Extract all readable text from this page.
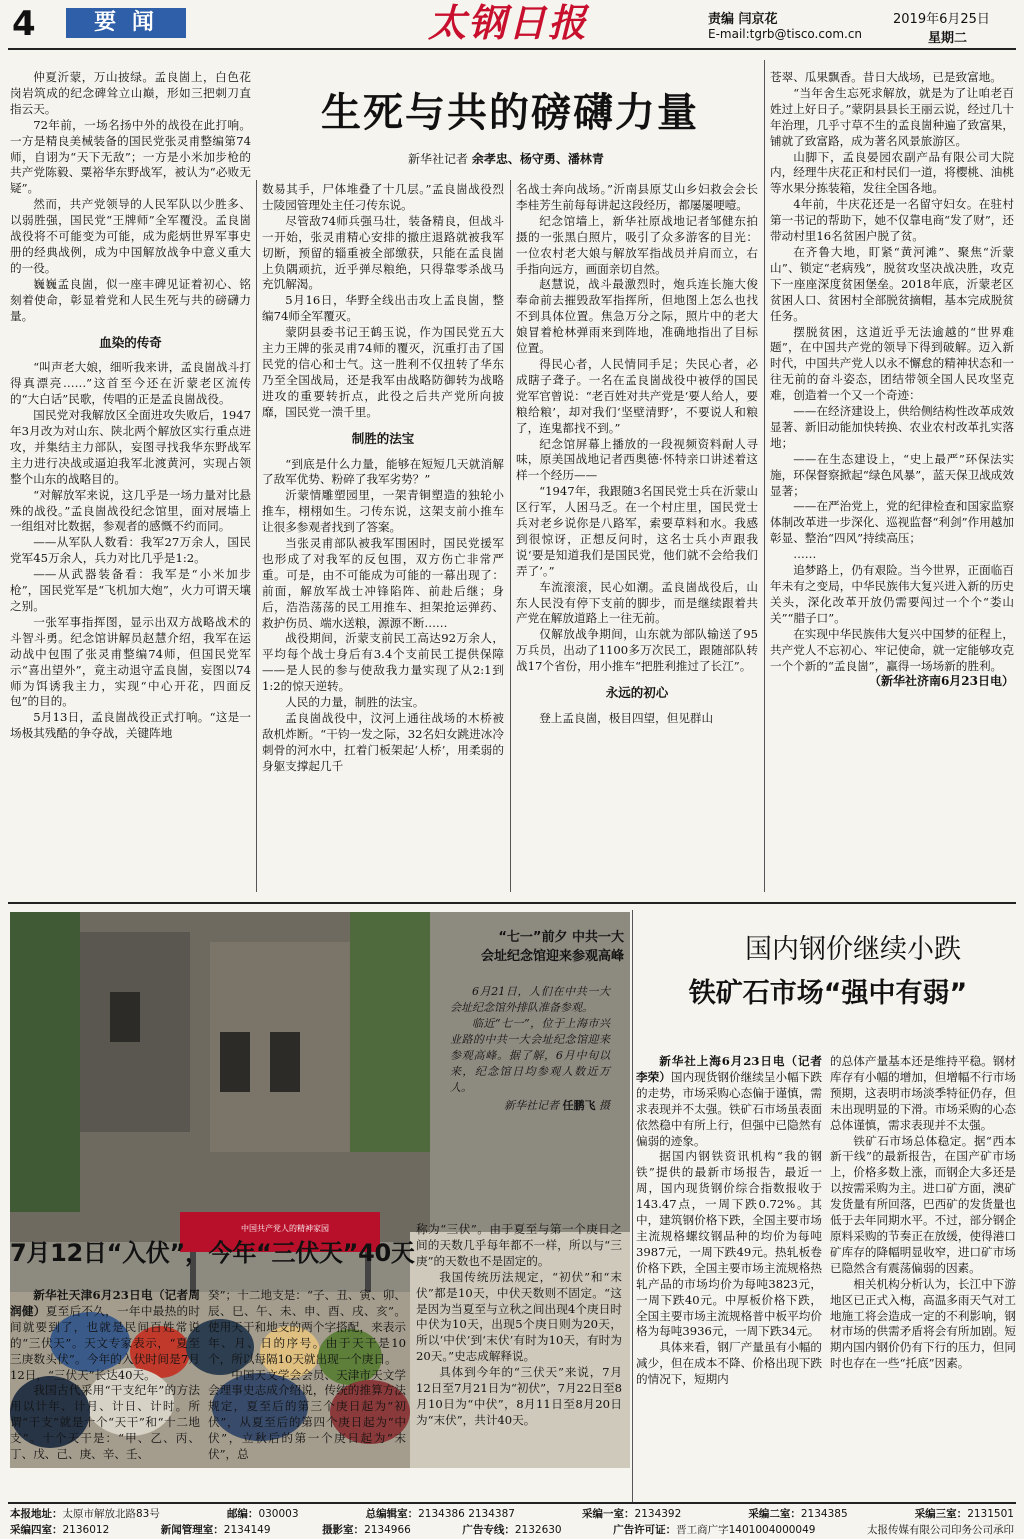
4	要 闻	太钢日报	责编 闫京花
E-mail:tgrb@tisco.com.cn
2019年6月25日
星期二
生死与共的磅礴力量
新华社记者 余孝忠、杨守勇、潘林青

仲夏沂蒙，万山披绿。孟良崮上，白色花岗岩筑成的纪念碑耸立山巅，形如三把刺刀直指云天。

72年前，一场名扬中外的战役在此打响。一方是精良美械装备的国民党张灵甫整编第74师，自诩为“天下无敌”；一方是小米加步枪的共产党陈毅、粟裕华东野战军，被认为“必败无疑”。

然而，共产党领导的人民军队以少胜多、以弱胜强，国民党“王牌师”全军覆没。孟良崮战役将不可能变为可能，成为彪炳世界军事史册的经典战例，成为中国解放战争中意义重大的一役。

巍巍孟良崮，似一座丰碑见证着初心、铭刻着使命，彰显着党和人民生死与共的磅礴力量。

血染的传奇

“叫声老大娘，细听我来讲，孟良崮战斗打得真漂亮……”这首至今还在沂蒙老区流传的“大白话”民歌，传唱的正是孟良崮战役。

国民党对我解放区全面进攻失败后，1947年3月改为对山东、陕北两个解放区实行重点进攻，并集结主力部队，妄图寻找我华东野战军主力进行决战或逼迫我军北渡黄河，实现占领整个山东的战略目的。

“对解放军来说，这几乎是一场力量对比悬殊的战役。”孟良崮战役纪念馆里，面对展墙上一组组对比数据，参观者的感慨不约而同。

——从军队人数看：我军27万余人，国民党军45万余人，兵力对比几乎是1:2。

——从武器装备看：我军是“小米加步枪”，国民党军是“飞机加大炮”，火力可谓天壤之别。

一张军事指挥图，显示出双方战略战术的斗智斗勇。纪念馆讲解员赵慧介绍，我军在运动战中包围了张灵甫整编74师，但国民党军示“喜出望外”，竟主动退守孟良崮，妄图以74师为饵诱我主力，实现“中心开花，四面反包”的目的。

5月13日，孟良崮战役正式打响。“这是一场极其残酷的争夺战，关键阵地

数易其手，尸体堆叠了十几层。”孟良崮战役烈士陵园管理处主任刁传东说。

尽管敌74师兵强马壮，装备精良，但战斗一开始，张灵甫精心安排的撤庄退路就被我军切断，预留的辎重被全部缴获，只能在孟良崮上负隅顽抗，近乎弹尽粮绝，只得靠零杀战马充饥解渴。

5月16日，华野全线出击攻上孟良崮，整编74师全军覆灭。

蒙阴县委书记王鹤玉说，作为国民党五大主力王牌的张灵甫74师的覆灭，沉重打击了国民党的信心和士气。这一胜利不仅扭转了华东乃至全国战局，还是我军由战略防御转为战略进攻的重要转折点，此役之后共产党所向披靡，国民党一溃千里。

制胜的法宝

“到底是什么力量，能够在短短几天就消解了敌军优势、粉碎了我军劣势？”

沂蒙情雕塑园里，一架青铜塑造的独轮小推车，栩栩如生。刁传东说，这架支前小推车让很多参观者找到了答案。

当张灵甫部队被我军围困时，国民党援军也形成了对我军的反包围，双方伤亡非常严重。可是，由不可能成为可能的一幕出现了：前面，解放军战士冲锋陷阵、前赴后继；身后，浩浩荡荡的民工用推车、担架抢运弹药、救护伤员、端水送粮，源源不断……

战役期间，沂蒙支前民工高达92万余人，平均每个战士身后有3.4个支前民工提供保障——是人民的参与使敌我力量实现了从2:1到1:2的惊天逆转。

人民的力量，制胜的法宝。

孟良崮战役中，汶河上通往战场的木桥被敌机炸断。“干钧一发之际，32名妇女跳进冰冷刺骨的河水中，扛着门板架起‘人桥’，用柔弱的身躯支撑起几千

名战士奔向战场。”沂南县原艾山乡妇救会会长李桂芳生前每每讲起这段经历，都屡屡哽噎。

纪念馆墙上，新华社原战地记者邹健东拍摄的一张黑白照片，吸引了众多游客的目光：一位农村老大娘与解放军指战员并肩而立，右手指向远方，画面亲切自然。

赵慧说，战斗最激烈时，炮兵连长施大俊奉命前去摧毁敌军指挥所，但地图上怎么也找不到具体位置。焦急万分之际，照片中的老大娘冒着枪林弹雨来到阵地，准确地指出了目标位置。

得民心者，人民情同手足；失民心者，必成瞎子聋子。一名在孟良崮战役中被俘的国民党军官曾说：“老百姓对共产党是‘要人给人，要粮给粮’，却对我们‘坚壁清野’，不要说人和粮了，连鬼都找不到。”

纪念馆屏幕上播放的一段视频资料耐人寻味，原美国战地记者西奥德·怀特亲口讲述着这样一个经历——

“1947年，我跟随3名国民党士兵在沂蒙山区行军，人困马乏。在一个村庄里，国民党士兵对老乡说你是八路军，索要草料和水。我感到很惊讶，正想反问时，这名士兵小声跟我说‘要是知道我们是国民党，他们就不会给我们弄了’。”

车流滚滚，民心如潮。孟良崮战役后，山东人民没有停下支前的脚步，而是继续跟着共产党在解放道路上一往无前。

仅解放战争期间，山东就为部队输送了95万兵员，出动了1100多万次民工，跟随部队转战17个省份，用小推车“把胜利推过了长江”。

永远的初心

登上孟良崮，极目四望，但见群山

苍翠、瓜果飘香。昔日大战场，已是致富地。

“当年舍生忘死求解放，就是为了让咱老百姓过上好日子。”蒙阴县县长王丽云说，经过几十年治理，几乎寸草不生的孟良崮种遍了致富果，铺就了致富路，成为著名风景旅游区。

山脚下，孟良晏园农副产品有限公司大院内，经理牛庆花正和村民们一道，将樱桃、油桃等水果分拣装箱，发往全国各地。

4年前，牛庆花还是一名留守妇女。在驻村第一书记的帮助下，她不仅靠电商“发了财”，还带动村里16名贫困户脱了贫。

在齐鲁大地，盯紧“黄河滩”、聚焦“沂蒙山”、锁定“老病残”，脱贫攻坚决战决胜，攻克下一座座深度贫困堡垒。2018年底，沂蒙老区贫困人口、贫困村全部脱贫摘帽，基本完成脱贫任务。

摆脱贫困，这道近乎无法逾越的“世界难题”，在中国共产党的领导下得到破解。迈入新时代，中国共产党人以永不懈怠的精神状态和一往无前的奋斗姿态，团结带领全国人民攻坚克难，创造着一个又一个奇迹：

——在经济建设上，供给侧结构性改革成效显著、新旧动能加快转换、农业农村改革扎实落地；

——在生态建设上，“史上最严”环保法实施，环保督察掀起“绿色风暴”，蓝天保卫战成效显著；

——在严治党上，党的纪律检查和国家监察体制改革进一步深化、巡视监督“利剑”作用越加彰显、整治“四风”持续高压；

……

追梦路上，仍有艰险。当今世界，正面临百年未有之变局，中华民族伟大复兴进入新的历史关头，深化改革开放仍需要闯过一个个“娄山关”“腊子口”。

在实现中华民族伟大复兴中国梦的征程上，共产党人不忘初心、牢记使命，就一定能够攻克一个个新的“孟良崮”，赢得一场场新的胜利。

（新华社济南6月23日电）
中国共产党人的精神家园
“七一”前夕 中共一大
会址纪念馆迎来参观高峰

6月21日，人们在中共一大会址纪念馆外排队准备参观。

临近“七一”，位于上海市兴业路的中共一大会址纪念馆迎来参观高峰。据了解，6月中旬以来，纪念馆日均参观人数近万人。

新华社记者 任鹏飞 摄
国内钢价继续小跌
铁矿石市场“强中有弱”

新华社上海6月23日电（记者李荣）国内现货钢价继续呈小幅下跌的走势，市场采购心态偏于谨慎，需求表现并不太强。铁矿石市场虽表面依然稳中有所上行，但强中已隐然有偏弱的迹象。

据国内钢铁资讯机构“我的钢铁”提供的最新市场报告，最近一周，国内现货钢价综合指数报收于143.47点，一周下跌0.72%。其中，建筑钢价格下跌，全国主要市场主流规格螺纹钢品种的均价为每吨3987元，一周下跌49元。热轧板卷价格下跌，全国主要市场主流规格热轧产品的市场均价为每吨3823元，一周下跌40元。中厚板价格下跌，全国主要市场主流规格普中板平均价格为每吨3936元，一周下跌34元。

具体来看，钢厂产量虽有小幅的减少，但在成本不降、价格出现下跌的情况下，短期内

的总体产量基本还是维持平稳。钢材库存有小幅的增加，但增幅不行市场预期，这表明市场淡季特征仍存，但未出现明显的下滑。市场采购的心态总体谨慎，需求表现并不太强。

铁矿石市场总体稳定。据“西本新干线”的最新报告，在国产矿市场上，价格多数上涨，而钢企大多还是以按需采购为主。进口矿方面，澳矿发货量有所回落，巴西矿的发货量也低于去年同期水平。不过，部分钢企原料采购的节奏正在放缓，使得港口矿库存的降幅明显收窄，进口矿市场已隐然含有震荡偏弱的因素。

相关机构分析认为，长江中下游地区已正式入梅，高温多雨天气对工地施工将会造成一定的不利影响，钢材市场的供需矛盾将会有所加剧。短期内国内钢价仍有下行的压力，但同时也存在一些“托底”因素。

7月12日“入伏”，今年“三伏天”40天

新华社天津6月23日电（记者周润健）夏至后不久，一年中最热的时间就要到了，也就是民间百姓常说的“三伏天”。天文专家表示，“夏至三庚数头伏”。今年的入伏时间是7月12日，“三伏天”长达40天。

我国古代采用“干支纪年”的方法用以计年、计月、计日、计时。所谓“干支”就是十个“天干”和“十二地支”。十个天干是：“甲、乙、丙、丁、戊、己、庚、辛、壬、

癸”；十二地支是：“子、丑、寅、卯、辰、巳、午、未、申、酉、戌、亥”。使用天干和地支的两个字搭配，来表示年、月、日的序号。由于天干是10个，所以每隔10天就出现一个庚日。

中国天文学会会员、天津市天文学会理事史志成介绍说，传统的推算方法规定，夏至后的第三个庚日起为“初伏”，从夏至后的第四个庚日起为“中伏”，立秋后的第一个庚日起为“末伏”，总

称为“三伏”。由于夏至与第一个庚日之间的天数几乎每年都不一样，所以与“三庚”的天数也不是固定的。

我国传统历法规定，“初伏”和“末伏”都是10天，中伏天数则不固定。“这是因为当夏至与立秋之间出现4个庚日时中伏为10天，出现5个庚日则为20天，所以‘中伏’到‘末伏’有时为10天，有时为20天。”史志成解释说。

具体到今年的“三伏天”来说，7月12日至7月21日为“初伏”，7月22日至8月10日为“中伏”，8月11日至8月20日为“末伏”，共计40天。

本报地址：太原市解放北路83号	邮编：030003	总编辑室：2134386 2134387	采编一室：2134392	采编二室：2134385	采编三室：2131501
采编四室：2136012	新闻管理室：2134149	摄影室：2134966	广告专线：2132630	广告许可证：晋工商广字1401004000049	太报传媒有限公司印务公司承印
